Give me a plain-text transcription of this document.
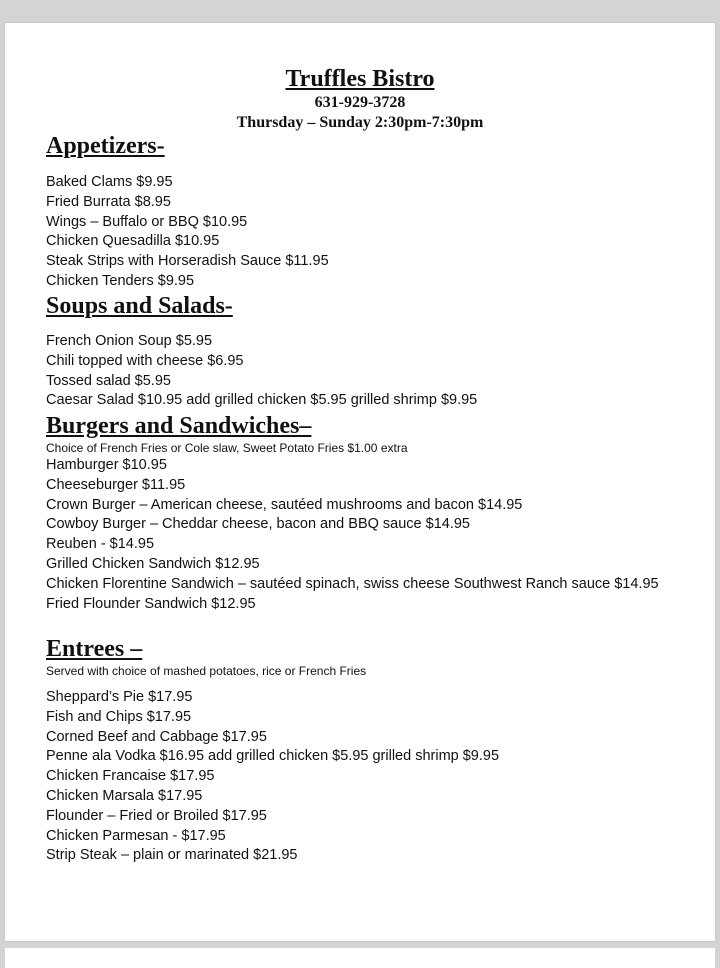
Truffles Bistro
631-929-3728
Thursday – Sunday 2:30pm-7:30pm
Appetizers-
Baked Clams $9.95
Fried Burrata $8.95
Wings – Buffalo or BBQ $10.95
Chicken Quesadilla $10.95
Steak Strips with Horseradish Sauce $11.95
Chicken Tenders $9.95
Soups and Salads-
French Onion Soup $5.95
Chili topped with cheese $6.95
Tossed salad $5.95
Caesar Salad $10.95 add grilled chicken $5.95 grilled shrimp $9.95
Burgers and Sandwiches–
Choice of French Fries or Cole slaw, Sweet Potato Fries $1.00 extra
Hamburger $10.95
Cheeseburger $11.95
Crown Burger – American cheese, sautéed mushrooms and bacon $14.95
Cowboy Burger – Cheddar cheese, bacon and BBQ sauce $14.95
Reuben - $14.95
Grilled Chicken Sandwich $12.95
Chicken Florentine Sandwich – sautéed spinach, swiss cheese Southwest Ranch sauce $14.95
Fried Flounder Sandwich $12.95
Entrees –
Served with choice of mashed potatoes, rice or French Fries
Sheppard’s Pie $17.95
Fish and Chips $17.95
Corned Beef and Cabbage $17.95
Penne ala Vodka $16.95 add grilled chicken $5.95 grilled shrimp $9.95
Chicken Francaise $17.95
Chicken Marsala $17.95
Flounder – Fried or Broiled $17.95
Chicken Parmesan - $17.95
Strip Steak – plain or marinated $21.95
